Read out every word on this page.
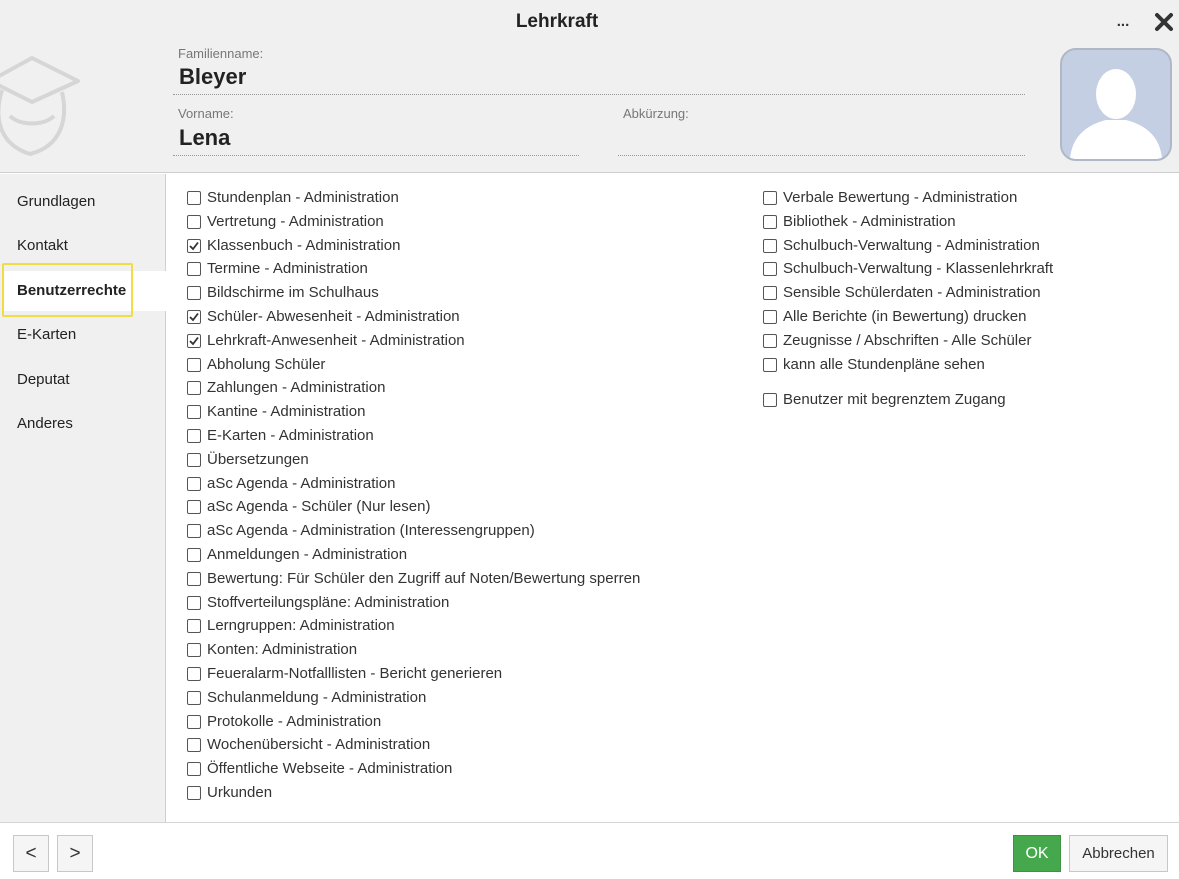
Lehrkraft	...
Familienname:
Bleyer
Vorname:
Lena
Abkürzung:
Grundlagen
Kontakt
Benutzerrechte
E-Karten
Deputat
Anderes
Stundenplan - Administration
Vertretung - Administration
Klassenbuch - Administration
Termine - Administration
Bildschirme im Schulhaus
Schüler- Abwesenheit - Administration
Lehrkraft-Anwesenheit - Administration
Abholung Schüler
Zahlungen - Administration
Kantine - Administration
E-Karten - Administration
Übersetzungen
aSc Agenda - Administration
aSc Agenda - Schüler (Nur lesen)
aSc Agenda - Administration (Interessengruppen)
Anmeldungen - Administration
Bewertung: Für Schüler den Zugriff auf Noten/Bewertung sperren
Stoffverteilungspläne: Administration
Lerngruppen: Administration
Konten: Administration
Feueralarm-Notfalllisten - Bericht generieren
Schulanmeldung - Administration
Protokolle - Administration
Wochenübersicht - Administration
Öffentliche Webseite - Administration
Urkunden
Verbale Bewertung - Administration
Bibliothek - Administration
Schulbuch-Verwaltung - Administration
Schulbuch-Verwaltung - Klassenlehrkraft
Sensible Schülerdaten - Administration
Alle Berichte (in Bewertung) drucken
Zeugnisse / Abschriften - Alle Schüler
kann alle Stundenpläne sehen
Benutzer mit begrenztem Zugang
<	>	OK	Abbrechen
